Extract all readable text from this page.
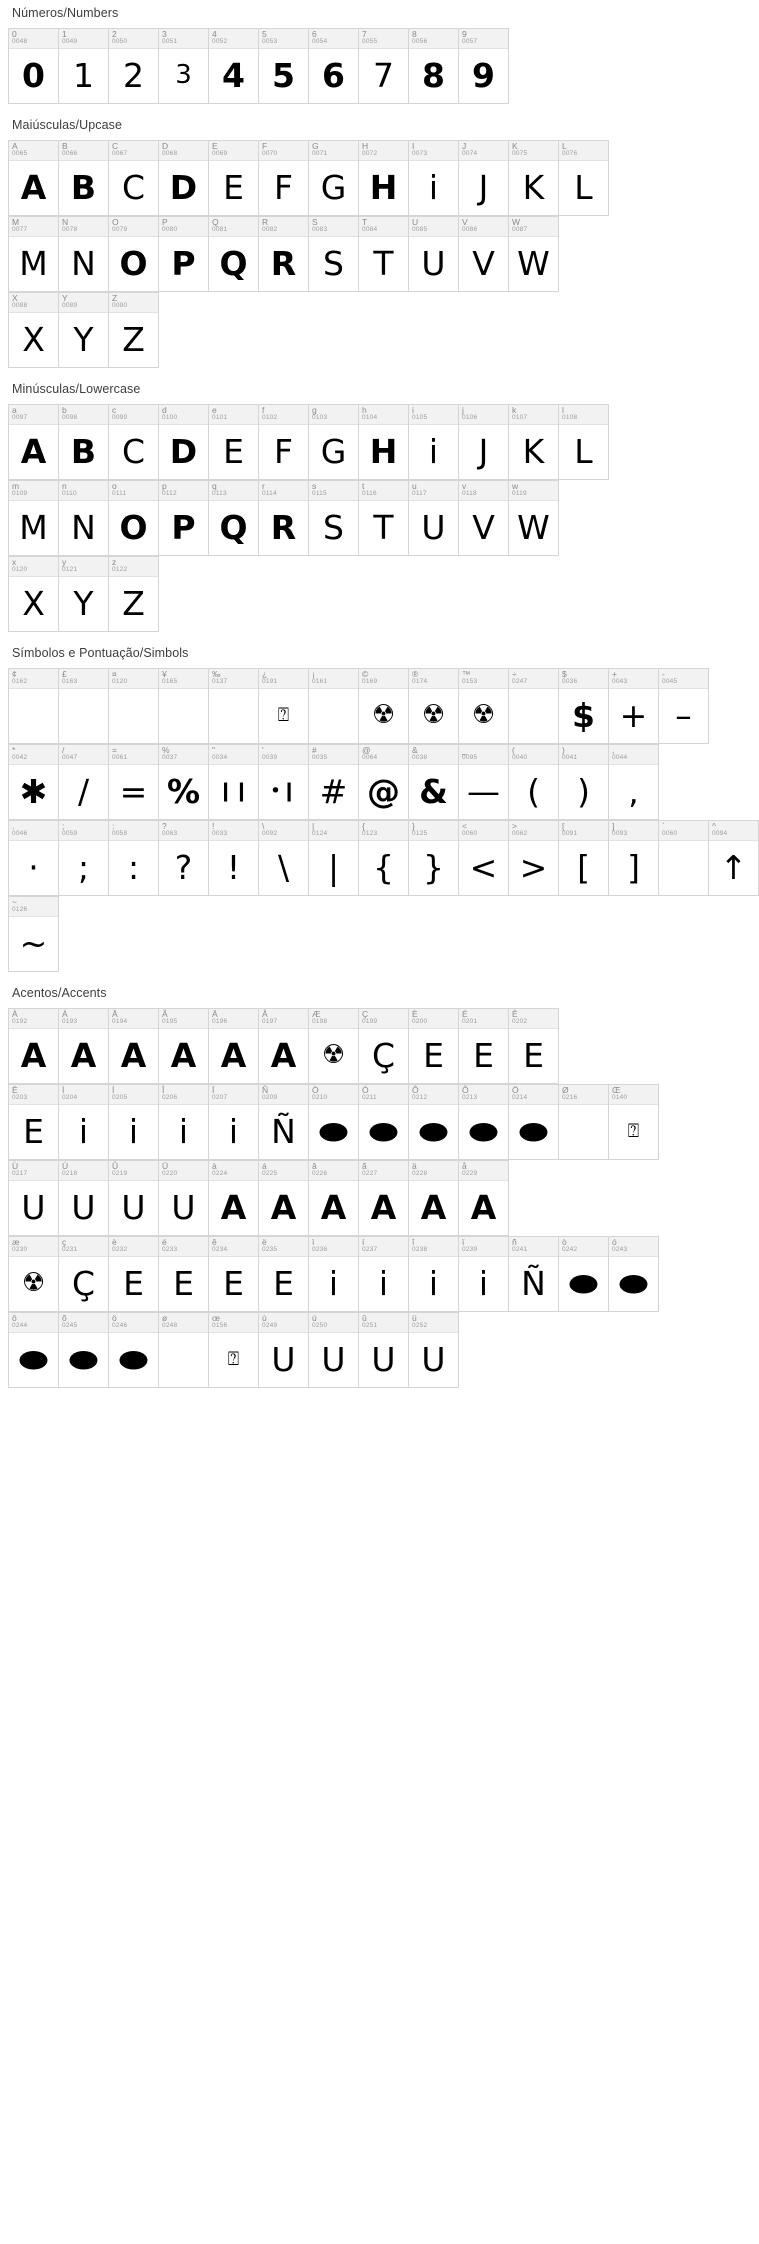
Números/Numbers
0
0048
0
1
0049
1
2
0050
2
3
0051
3
4
0052
4
5
0053
5
6
0054
6
7
0055
7
8
0056
8
9
0057
9
Maiúsculas/Upcase
A
0065
A
B
0066
B
C
0067
C
D
0068
D
E
0069
E
F
0070
F
G
0071
G
H
0072
H
I
0073
i
J
0074
J
K
0075
K
L
0076
L
M
0077
M
N
0078
N
O
0079
O
P
0080
P
Q
0081
Q
R
0082
R
S
0083
S
T
0084
T
U
0085
U
V
0086
V
W
0087
W
X
0088
X
Y
0089
Y
Z
0090
Z
Minúsculas/Lowercase
a
0097
A
b
0098
B
c
0099
C
d
0100
D
e
0101
E
f
0102
F
g
0103
G
h
0104
H
i
0105
i
j
0106
J
k
0107
K
l
0108
L
m
0109
M
n
0110
N
o
0111
O
p
0112
P
q
0113
Q
r
0114
R
s
0115
S
t
0116
T
u
0117
U
v
0118
V
w
0119
W
x
0120
X
y
0121
Y
z
0122
Z
Símbolos e Pontuação/Simbols
¢
0162
£
0163
¤
0120
¥
0165
‰
0137
¿
0191
⍰
¡
0161
©
0169
☢
®
0174
☢
™
0153
☢
÷
0247
$
0036
$
+
0043
+
-
0045
–
*
0042
✱
/
0047
/
=
0061
=
%
0037
%
"
0034
❙❙
'
0039
•❙
#
0035
#
@
0064
@
&
0038
&
_
0095
—
(
0040
(
)
0041
)
,
0044
,
.
0046
·
;
0059
;
:
0058
:
?
0063
?
!
0033
!
\
0092
\
|
0124
|
{
0123
{
}
0125
}
<
0060
<
>
0062
>
[
0091
[
]
0093
]
`
0060
^
0094
↑
~
0126
~
Acentos/Accents
À
0192
A
Á
0193
A
Â
0194
A
Ã
0195
A
Ä
0196
A
Å
0197
A
Æ
0198
☢
Ç
0199
Ç
È
0200
E
É
0201
E
Ê
0202
E
Ë
0203
E
Ì
0204
i
Í
0205
i
Î
0206
i
Ï
0207
i
Ñ
0209
Ñ
Ò
0210
⬬
Ó
0211
⬬
Ô
0212
⬬
Õ
0213
⬬
Ö
0214
⬬
Ø
0216
Œ
0140
⍰
Ù
0217
U
Ú
0218
U
Û
0219
U
Ü
0220
U
à
0224
A
á
0225
A
â
0226
A
ã
0227
A
ä
0228
A
å
0229
A
æ
0230
☢
ç
0231
Ç
è
0232
E
é
0233
E
ê
0234
E
ë
0235
E
ì
0236
i
í
0237
i
î
0238
i
ï
0239
i
ñ
0241
Ñ
ò
0242
⬬
ó
0243
⬬
ô
0244
⬬
õ
0245
⬬
ö
0246
⬬
ø
0248
œ
0156
⍰
ù
0249
U
ú
0250
U
û
0251
U
ü
0252
U
